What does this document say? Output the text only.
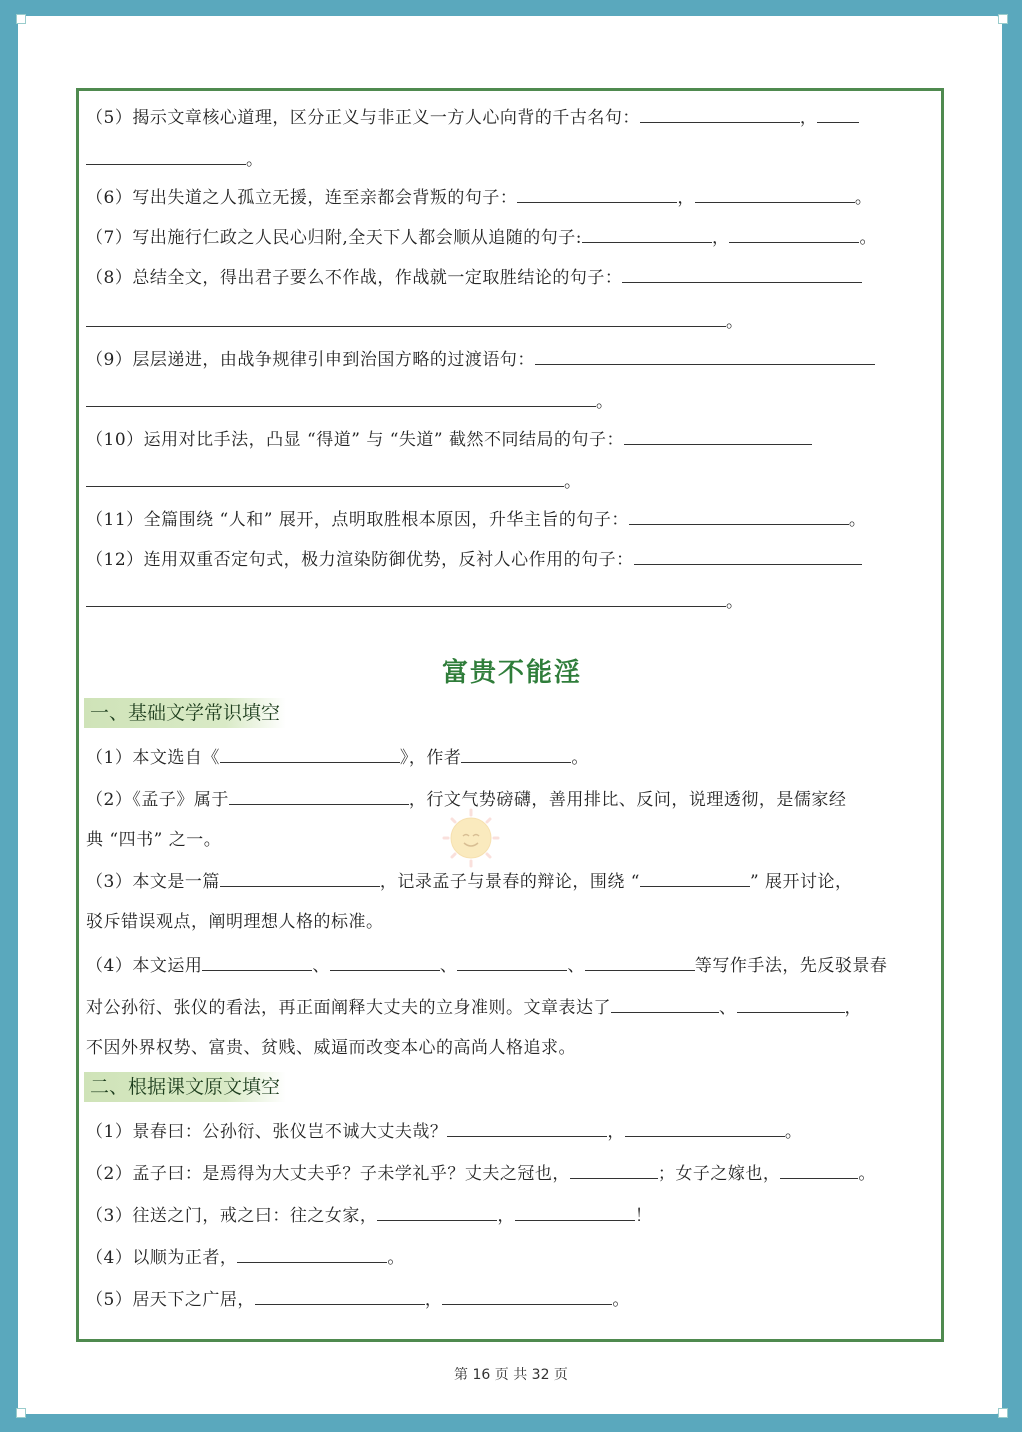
（5）揭示文章核心道理，区分正义与非正义一方人心向背的千古名句：	，
。
（6）写出失道之人孤立无援，连至亲都会背叛的句子：	，	。
（7）写出施行仁政之人民心归附,全天下人都会顺从追随的句子:	，	。
（8）总结全文，得出君子要么不作战，作战就一定取胜结论的句子：
。
（9）层层递进，由战争规律引申到治国方略的过渡语句：
。
（10）运用对比手法，凸显 “得道” 与 “失道” 截然不同结局的句子：
。
（11）全篇围绕 “人和” 展开，点明取胜根本原因，升华主旨的句子：	。
（12）连用双重否定句式，极力渲染防御优势，反衬人心作用的句子：
。
富贵不能淫
一、基础文学常识填空
（1）本文选自《	》，作者	。
（2）《孟子》属于	，行文气势磅礴，善用排比、反问，说理透彻，是儒家经
典 “四书” 之一。
（3）本文是一篇	，记录孟子与景春的辩论，围绕 “	” 展开讨论，
驳斥错误观点，阐明理想人格的标准。
（4）本文运用	、	、	、	等写作手法，先反驳景春
对公孙衍、张仪的看法，再正面阐释大丈夫的立身准则。文章表达了	、	，
不因外界权势、富贵、贫贱、威逼而改变本心的高尚人格追求。
二、根据课文原文填空
（1）景春曰：公孙衍、张仪岂不诚大丈夫哉？	，	。
（2）孟子曰：是焉得为大丈夫乎？子未学礼乎？丈夫之冠也，	；女子之嫁也，	。
（3）往送之门，戒之曰：往之女家，	，	！
（4）以顺为正者，	。
（5）居天下之广居，	，	。
第 16 页 共 32 页
